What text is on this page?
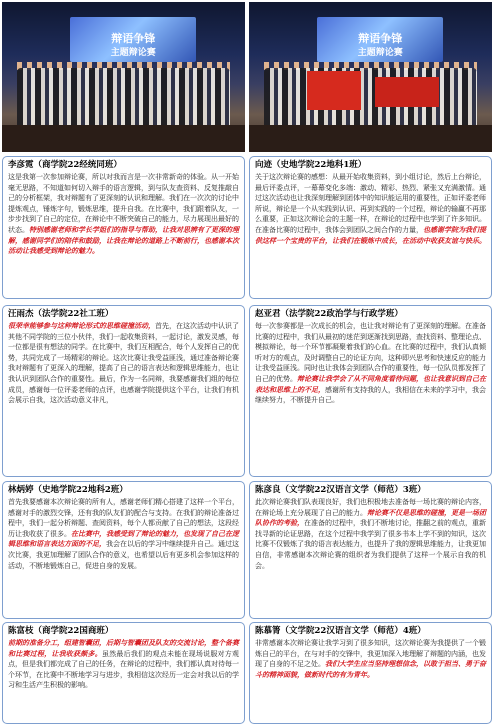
辩语争锋
主题辩论赛
辩语争锋
主题辩论赛
李彦霓（商学院22经统同班）
这是我第一次参加辩论赛，所以对我而言是一次非常新奇的体验。从一开始毫无思路，不知道如何切入辩手的语言逻辑，到与队友查资料、反复推敲自己的分析框架，我对辩题有了更深刻的认识和理解。我们在一次次的讨论中提炼观点，锤炼字句，锻炼思维，提升自我。在比赛中，我们跟着队友，一步步找到了自己的定位，在辩论中不断突破自己的能力，尽力展现出最好的状态。特别感谢老师和学长学姐们的指导与帮助，让我对思辨有了更深的理解，感谢同学们的陪伴和鼓励，让我在辩论的道路上不断前行，也感谢本次活动让我感受到辩论的魅力。
向迹（史地学院22地科1班）
关于这次辩论赛的感想：从最开始收集资料，到小组讨论，然后上台辩论，最后评委点评，一幕幕变化多端：激动、精彩、热烈、紧张又充满激情。通过这次活动也让我深刻理解到团体中的知识能运用的重要性，正如评委老师所说，辩论是一个从实践到认识、再到实践的一个过程，辩论的输赢不再那么重要，正如这次辩论会的主题一样，在辩论的过程中也学到了许多知识。在准备比赛的过程中，我体会到团队之间合作的力量，也感谢学院为我们提供这样一个宝贵的平台，让我们在锻炼中成长，在活动中收获友谊与快乐。
汪雨杰（法学院22社工班）
很荣幸能够参与这种辩论形式的思维碰撞活动，首先，在这次活动中认识了其他不同学院的三位小伙伴，我们一起收集资料，一起讨论，激发灵感，每一位都是很有想法的同学。在比赛中，我们互相配合，每个人发挥自己的优势，共同完成了一场精彩的辩论。这次比赛让我受益匪浅，通过准备辩论赛我对辩题有了更深入的理解，提高了自己的语言表达和逻辑思维能力，也让我认识到团队合作的重要性。最后，作为一名同辩，我要感谢我们组的每位成员，感谢每一位评委老师的点评，也感谢学院提供这个平台，让我们有机会展示自我，这次活动意义非凡，
赵亚君（法学院22政治学与行政学班）
每一次参赛都是一次成长的机会，也让我对辩论有了更深刻的理解。在准备比赛的过程中，我们从最初的迷茫到逐渐找到思路，查找资料、整理论点、模拟辩论，每一个环节都凝聚着我们的心血。在比赛的过程中，我们认真倾听对方的观点，及时调整自己的论证方向，这种即兴思考和快速反应的能力让我受益匪浅。同时也让我体会到团队合作的重要性，每一位队员都发挥了自己的优势。辩论赛让我学会了从不同角度看待问题，也让我意识到自己在表达和思维上的不足，感谢所有支持我的人，我相信在未来的学习中，我会继续努力，不断提升自己。
林炳婷（史地学院22地科2班）
首先我要感谢本次辩论赛的所有人，感谢老师们精心搭建了这样一个平台，感谢对手的激烈交锋，还有我的队友们的配合与支持。在我们的辩论准备过程中，我们一起分析辩题、查阅资料，每个人都贡献了自己的想法，这段经历让我收获了很多。在比赛中，我感受到了辩论的魅力，也发现了自己在逻辑思维和语言表达方面的不足，我会在以后的学习中继续提升自己。通过这次比赛，我更加理解了团队合作的意义，也希望以后有更多机会参加这样的活动，不断地锻炼自己，促进自身的发展。
陈彦良（文学院22汉语言文学（师范）3班）
此次辩论赛我们队表现良好，我们也积极地去准备每一场比赛的辩论内容，在辩论场上充分展现了自己的能力。辩论赛不仅是思维的碰撞，更是一场团队协作的考验，在准备的过程中，我们不断地讨论，推翻之前的观点，重新找寻新的论证思路，在这个过程中我学到了很多书本上学不到的知识，这次比赛不仅锻炼了我的语言表达能力，也提升了我的逻辑思维能力，让我更加自信，非常感谢本次辩论赛的组织者为我们提供了这样一个展示自我的机会。
陈富枝（商学院22国商班）
前期的准备分工，组建智囊团，后期与智囊团及队友的交流讨论，整个备赛和比赛过程，让我收获颇多。虽然最后我们的观点未能在现场说服对方观点，但是我们都完成了自己的任务，在辩论的过程中，我们都认真对待每一个环节，在比赛中不断地学习与进步，我相信这次经历一定会对我以后的学习和生活产生积极的影响。
陈慕箐（文学院22汉语言文学（师范）4班）
非常感谢本次辩论赛让我学习到了很多知识，这次辩论赛为我提供了一个锻炼自己的平台，在与对手的交锋中，我更加深入地理解了辩题的内涵，也发现了自身的不足之处。我们大学生应当坚持理想信念，以敢于担当、勇于奋斗的精神面貌，做新时代的有为青年。
